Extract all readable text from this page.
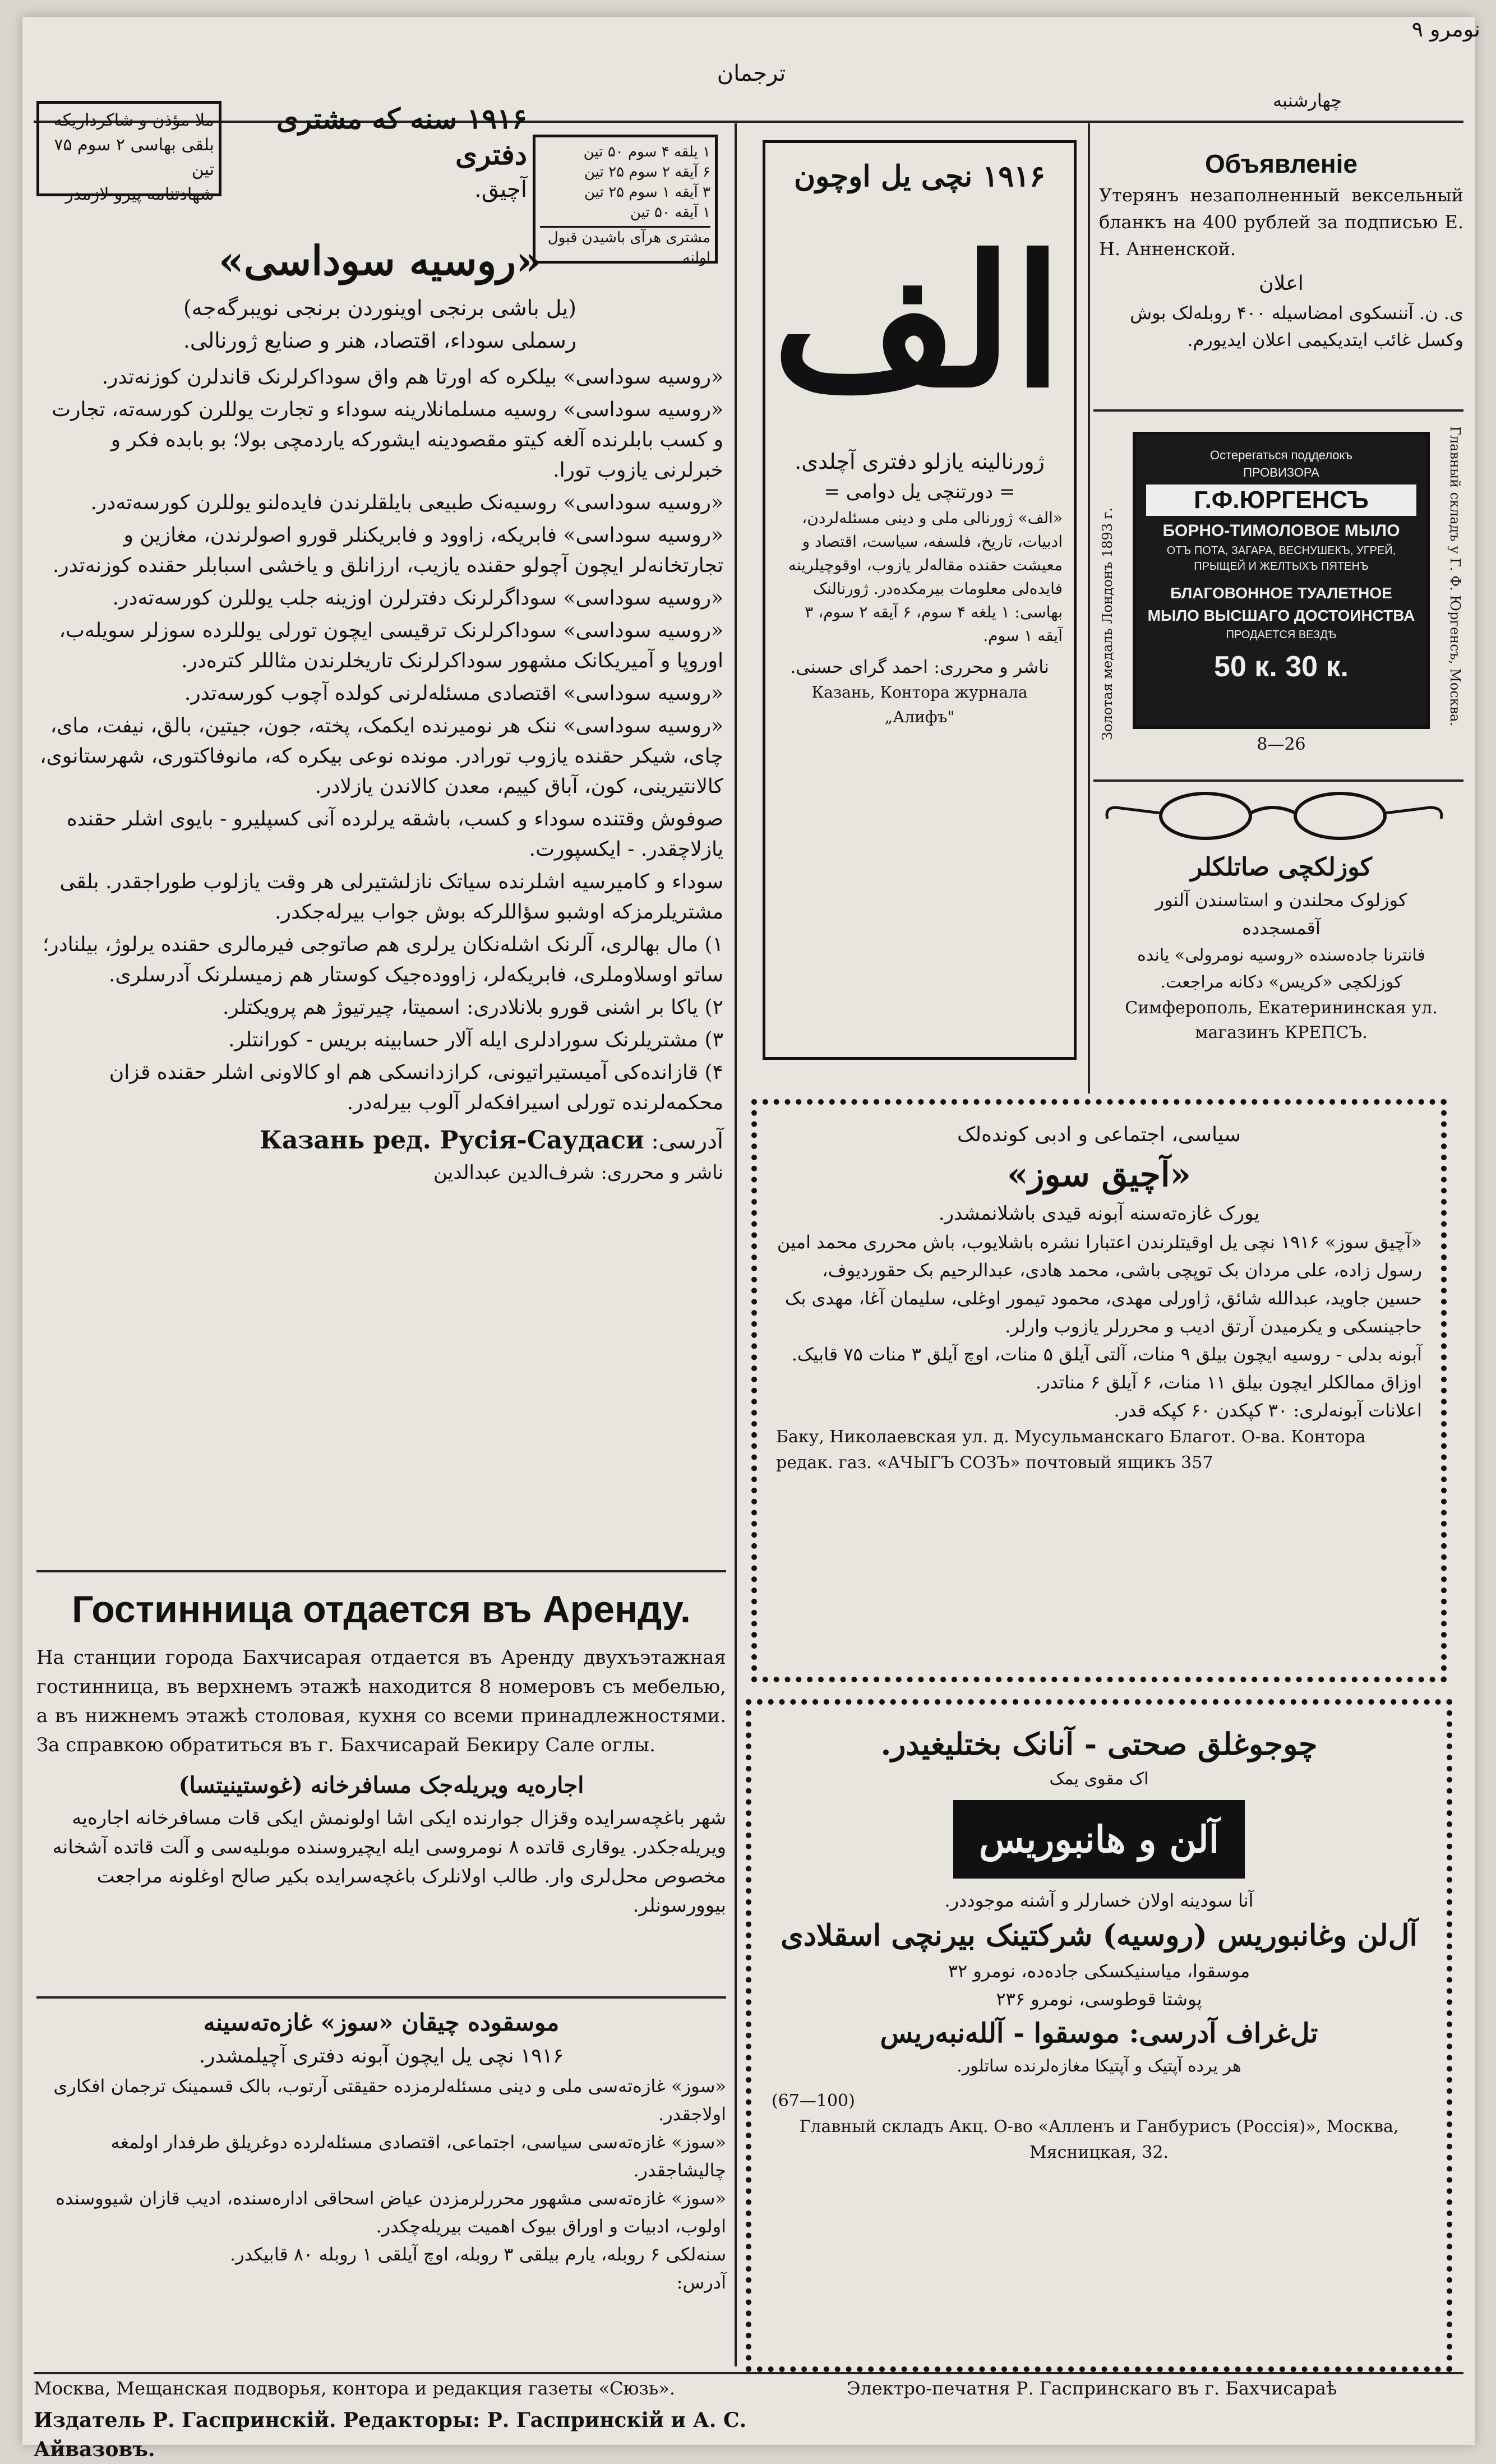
نومرو ۹
ترجمان
چهارشنبه

ملا مؤذن و شاکرداریکه

بلقی بهاسی ۲ سوم ۷۵ تین

شهادتنامه پیرو لازمدر

۱۹۱۶ سنه که مشتری دفتری

آچیق.

۱ یلقه ۴ سوم ۵۰ تین

۶ آیقه ۲ سوم ۲۵ تین

۳ آیقه ۱ سوم ۲۵ تین

۱ آیقه ۵۰ تین

مشتری هرآی باشیدن قبول اولنه

«روسیه سوداسی»

(یل باشی برنجی اوینوردن برنجی نویبرگه‌جه)

رسملی سوداء، اقتصاد، هنر و صنایع ژورنالی.

«روسیه سوداسی» بیلکره که اورتا هم واق سوداکرلرنک قاندلرن کوزنه‌تدر.

«روسیه سوداسی» روسیه مسلمانلارینه سوداء و تجارت یوللرن کورسه‌ته، تجارت و کسب بابلرنده آلغه کیتو مقصودینه ایشورکه یاردمچی بولا؛ بو بابده فکر و خبرلرنی یازوب تورا.

«روسیه سوداسی» روسیه‌نک طبیعی بایلقلرندن فایده‌لنو یوللرن کورسه‌ته‌در.

«روسیه سوداسی» فابریکه، زاوود و فابریکنلر قورو اصولرندن، مغازین و تجارتخانه‌لر ایچون آچولو حقنده یازیب، ارزانلق و یاخشی اسبابلر حقنده کوزنه‌تدر.

«روسیه سوداسی» سوداگرلرنک دفترلرن اوزینه جلب یوللرن کورسه‌ته‌در.

«روسیه سوداسی» سوداکرلرنک ترقیسی ایچون تورلی یوللرده سوزلر سویله‌ب، اوروپا و آمیریکانک مشهور سوداکرلرنک تاریخلرندن مثاللر کتره‌در.

«روسیه سوداسی» اقتصادی مسئله‌لرنی کولده آچوب کورسه‌تدر.

«روسیه سوداسی» ننک هر نومیرنده ایکمک، پخته، جون، جیتین، بالق، نیفت، مای، چای، شیکر حقنده یازوب تورادر. مونده نوعی بیکره که، مانوفاکتوری، شهرستانوی، کالانتیرینی، کون، آباق کییم، معدن کالاندن یازلادر.

صوفوش وقتنده سوداء و کسب، باشقه یرلرده آنی کسپلیرو - بایوی اشلر حقنده یازلاچقدر. - ایکسپورت.

سوداء و کامیرسیه اشلرنده سیاتک نازلشتیرلی هر وقت یازلوب طوراجقدر. بلقی مشتریلرمزکه اوشبو سؤاللرکه بوش جواب بیرله‌جکدر.

۱) مال بهالری، آلرنک اشله‌نکان یرلری هم صاتوجی فیرمالری حقنده یرلوژ، بیلنادر؛ ساتو اوسلاوملری، فابریکه‌لر، زاووده‌جیک کوستار هم زمیسلرنک آدرسلری.

۲) یاکا بر اشنی قورو بلانلادری: اسمیتا، چیرتیوژ هم پرویکتلر.

۳) مشتریلرنک سورادلری ایله آلار حسابینه بریس - کورانتلر.

۴) قازانده‌کی آمیستیراتیونی، کرازدانسکی هم او کالاونی اشلر حقنده قزان محکمه‌لرنده تورلی اسیرافکه‌لر آلوب بیرله‌در.

آدرسی: Казань ред. Русія-Саудаси

ناشر و محرری: شرف‌الدین عبدالدین

Гостинница отдается въ Аренду.

На станции города Бахчисарая отдается въ Аренду двухъэтажная гостинница, въ верхнемъ этажѣ находится 8 номеровъ съ мебелью, а въ нижнемъ этажѣ столовая, кухня со всеми принадлежностями. За справкою обратиться въ г. Бахчисарай Бекиру Сале оглы.

اجاره‌یه ویریله‌جک مسافرخانه (غوستینیتسا)

شهر باغچه‌سرایده وقزال جوارنده ایکی اشا اولونمش ایکی قات مسافرخانه اجاره‌یه ویریله‌جکدر. یوقاری قاتده ۸ نومروسی ایله ایچیروسنده موبلیه‌سی و آلت قاتده آشخانه مخصوص محل‌لری وار. طالب اولانلرک باغچه‌سرایده بکیر صالح اوغلونه مراجعت بیوورسونلر.

موسقوده چیقان «سوز» غازه‌ته‌سینه

۱۹۱۶ نچی یل ایچون آبونه دفتری آچیلمشدر.

«سوز» غازه‌ته‌سی ملی و دینی مسئله‌لرمزده حقیقتی آرتوب، بالک قسمینک ترجمان افکاری اولاجقدر.

«سوز» غازه‌ته‌سی سیاسی، اجتماعی، اقتصادی مسئله‌لرده دوغریلق طرفدار اولمغه چالیشاجقدر.

«سوز» غازه‌ته‌سی مشهور محررلرمزدن عیاض اسحاقی اداره‌سنده، ادیب قازان شیووسنده اولوب، ادبیات و اوراق بیوک اهمیت بیریله‌چکدر.

سنه‌لکی ۶ روبله، یارم بیلقی ۳ روبله، اوچ آیلقی ۱ روبله ۸۰ قابیکدر.

آدرس:

۱۹۱۶ نچی یل اوچون

الف

ژورنالینه یازلو دفتری آچلدی.

= دورتنچی یل دوامی =

«الف» ژورنالی ملی و دینی مسئله‌لردن، ادبیات، تاریخ، فلسفه، سیاست، اقتصاد و معیشت حقنده مقاله‌لر یازوب، اوقوچیلرینه فایده‌لی معلومات بیرمکده‌در. ژورنالنک بهاسی: ۱ یلغه ۴ سوم، ۶ آیقه ۲ سوم، ۳ آیقه ۱ سوم.

ناشر و محرری: احمد گرای حسنی.

Казань, Контора журнала „Алифъ"

Объявленіе

Утерянъ незаполненный вексельный бланкъ на 400 рублей за подписью Е. Н. Анненской.

اعلان

ی. ن. آننسکوی امضاسیله ۴۰۰ روبله‌لک بوش وکسل غائب ایتدیکیمی اعلان ایدیورم.

Золотая медаль Лондонъ 1893 г.	Главный складъ у Г. Ф. Юргенсъ, Москва.

Остерегаться подделокъ

ПРОВИЗОРА

Г.Ф.ЮРГЕНСЪ

БОРНО-ТИМОЛОВОЕ МЫЛО

ОТЪ ПОТА, ЗАГАРА, ВЕСНУШЕКЪ, УГРЕЙ,

ПРЫЩЕЙ И ЖЕЛТЫХЪ ПЯТЕНЪ

БЛАГОВОННОЕ ТУАЛЕТНОЕ МЫЛО ВЫСШАГО ДОСТОИНСТВА

ПРОДАЕТСЯ ВЕЗДѢ

50 к. 30 к.

8—26

کوزلکچی صاتلکلر

کوزلوک محلندن و استاسندن آلنور

آقمسجدده

فانترنا جاده‌سنده «روسیه نومرولی» یانده

کوزلکچی «کریس» دکانه مراجعت.

Симферополь, Екатерининская ул.

магазинъ КРЕПСЪ.

سیاسی، اجتماعی و ادبی کونده‌لک

«آچیق سوز»

یورک غازه‌ته‌سنه آبونه قیدی باشلانمشدر.

«آچیق سوز» ۱۹۱۶ نچی یل اوقیتلرندن اعتبارا نشره باشلایوب، باش محرری محمد امین رسول زاده، علی مردان بک توپچی باشی، محمد هادی، عبدالرحیم بک حقوردیوف، حسین جاوید، عبدالله شائق، ژاورلی مهدی، محمود تیمور اوغلی، سلیمان آغا، مهدی بک حاجینسکی و یکرمیدن آرتق ادیب و محررلر یازوب وارلر.

آبونه بدلی - روسیه ایچون بیلق ۹ منات، آلتی آیلق ۵ منات، اوچ آیلق ۳ منات ۷۵ قابیک.

اوزاق ممالکلر ایچون بیلق ۱۱ منات، ۶ آیلق ۶ مناتدر.

اعلانات آبونه‌لری: ۳۰ کپکدن ۶۰ کپکه قدر.

Баку, Николаевская ул. д. Мусульманскаго Благот. О-ва. Контора редак. газ. «АЧЫГЪ СОЗЪ» почтовый ящикъ 357

چوجوغلق صحتی - آنانک بختلیغیدر.

اک مقوی یمک

آلن و هانبوریس

آنا سودینه اولان خسارلر و آشنه موجوددر.

آل‌لن وغانبوریس (روسیه) شرکتینک بیرنچی اسقلادی

موسقوا، میاسنیکسکی جاده‌ده، نومرو ۳۲

پوشتا قوطوسی، نومرو ۲۳۶

تل‌غراف آدرسی: موسقوا - آلله‌نبه‌ریس

هر یرده آپتیک و آپتیکا مغازه‌لرنده ساتلور.

(67—100)

Главный складъ Акц. О-во «Алленъ и Ганбурисъ (Россія)», Москва, Мясницкая, 32.

Москва, Мещанская подворья, контора и редакция газеты «Сюзь».	Электро-печатня Р. Гаспринскаго въ г. Бахчисараѣ
Издатель Р. Гаспринскій. Редакторы: Р. Гаспринскій и А. С. Айвазовъ.
